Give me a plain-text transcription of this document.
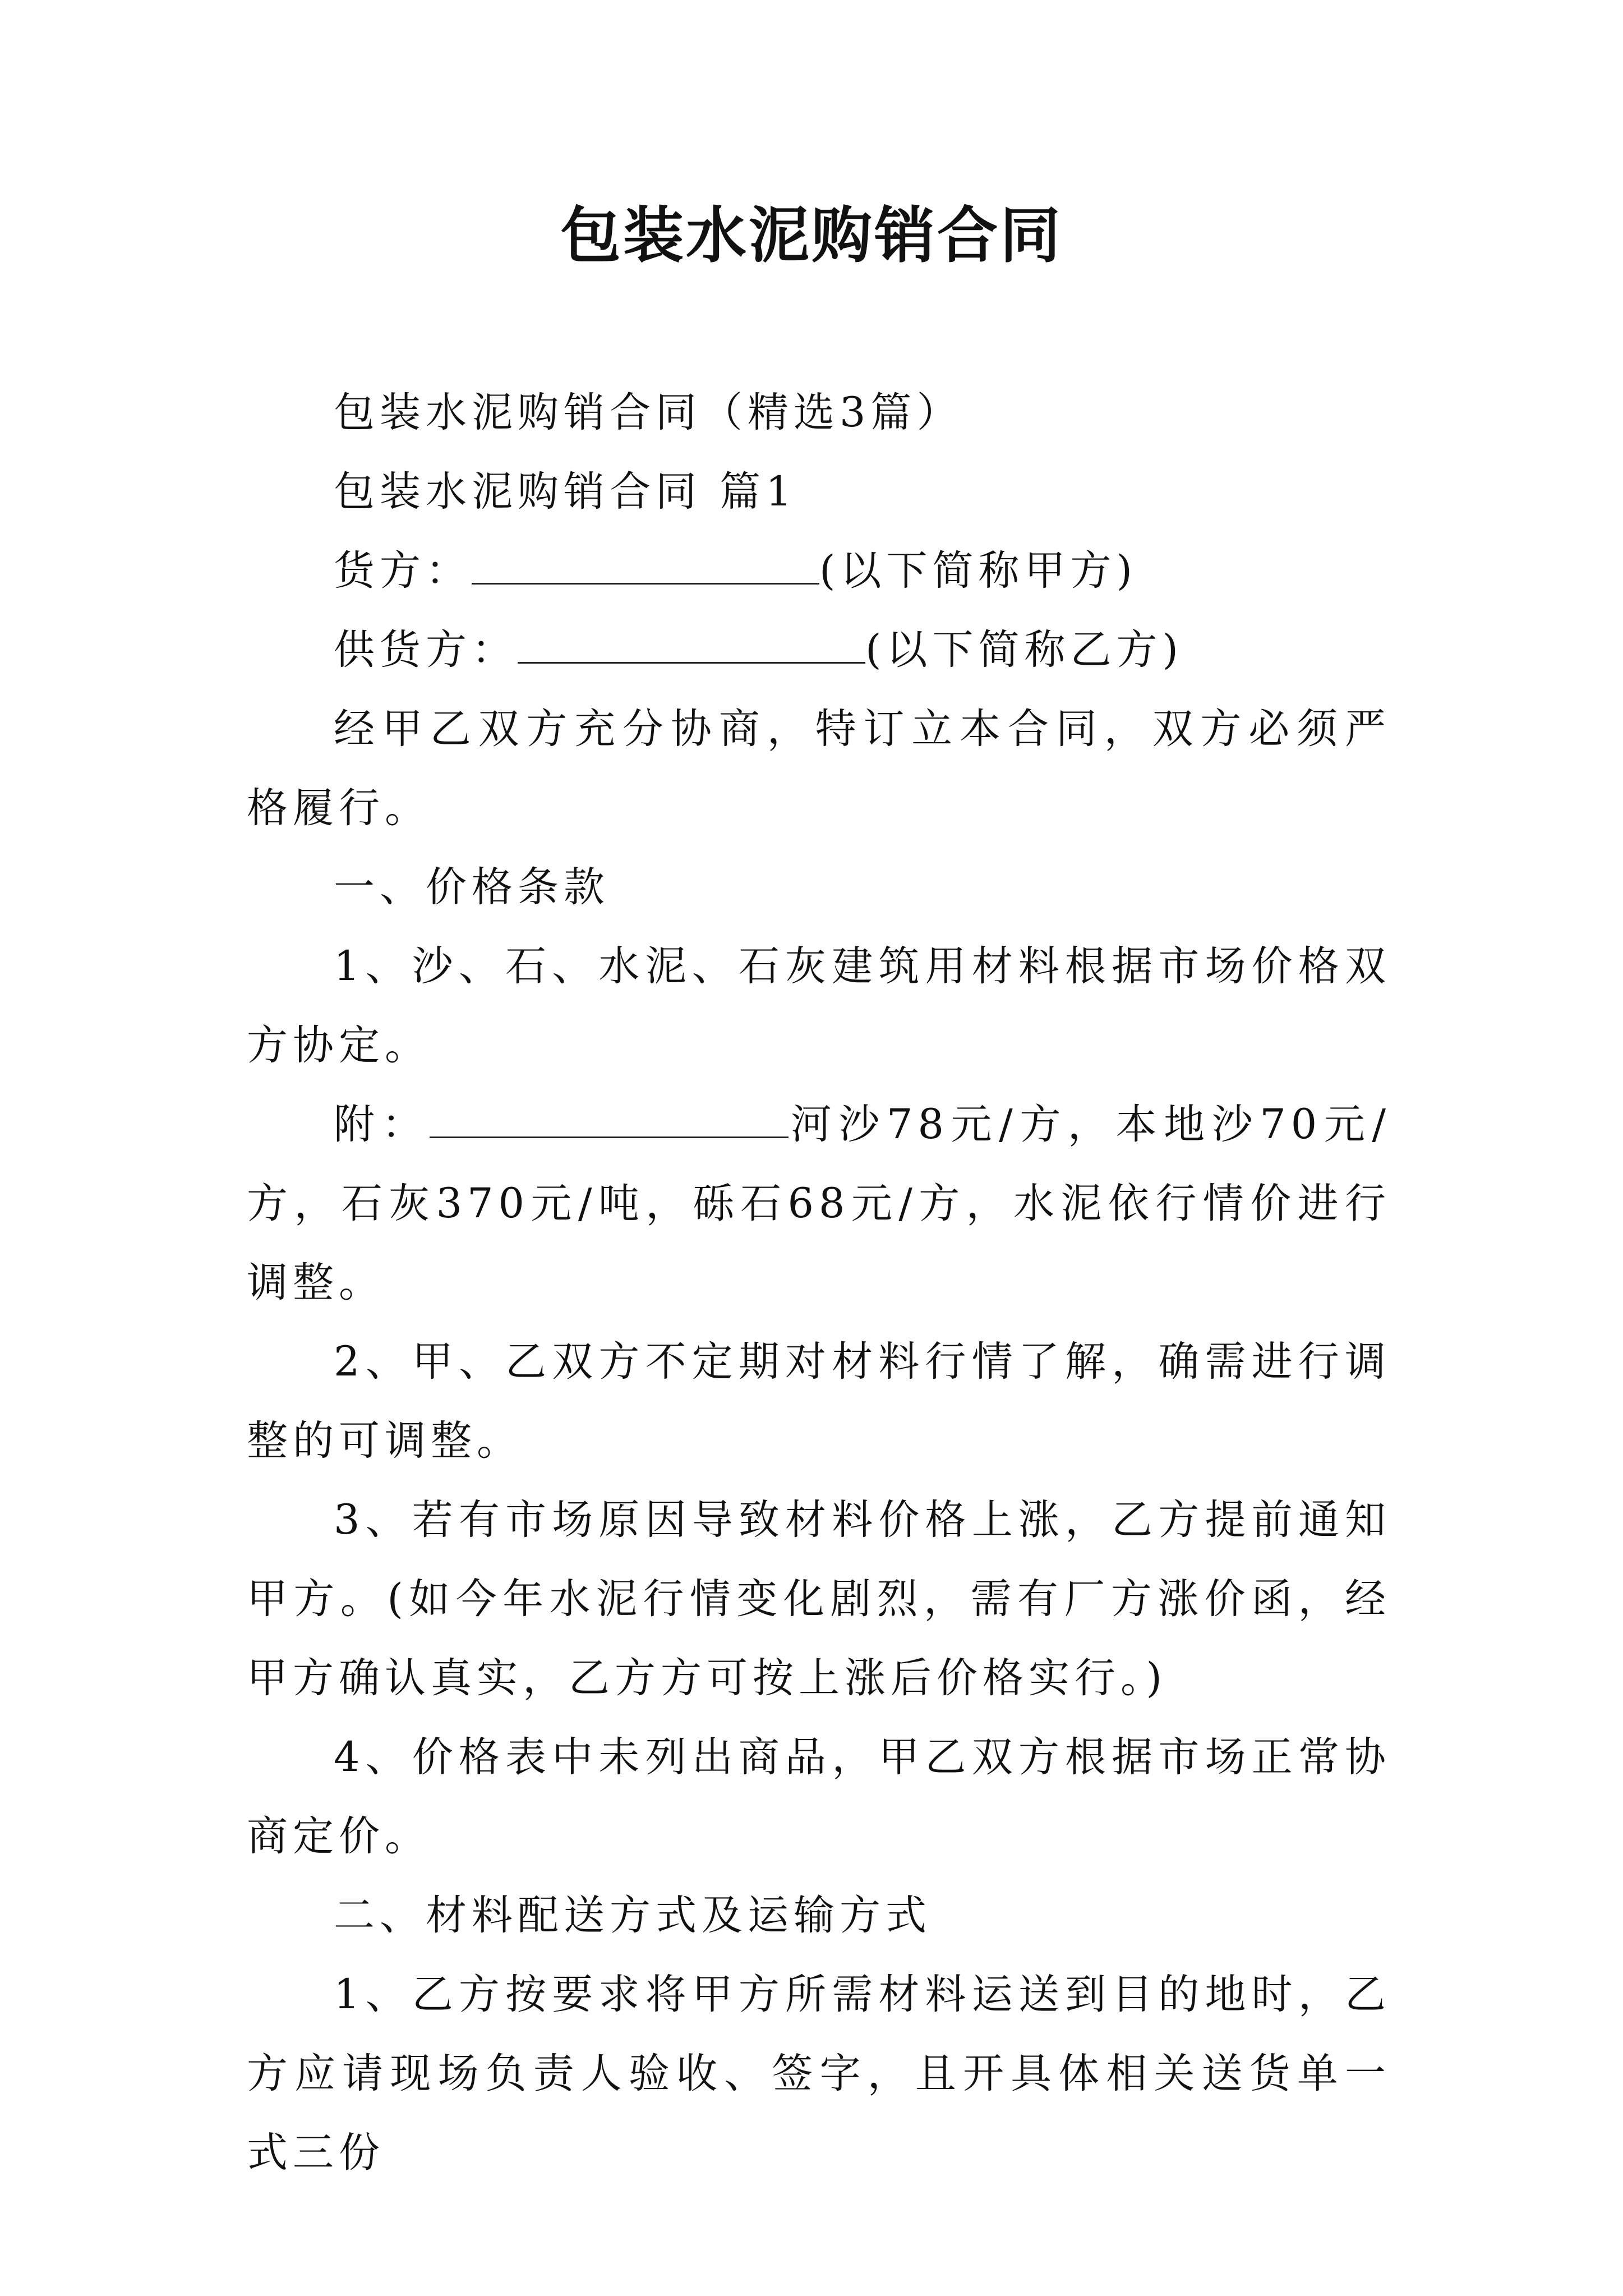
包装水泥购销合同

包装水泥购销合同（精选3篇）

包装水泥购销合同 篇1

货方：	(以下简称甲方)

供货方：	(以下简称乙方)

经甲乙双方充分协商，特订立本合同，双方必须严格履行。

一、价格条款

1、沙、石、水泥、石灰建筑用材料根据市场价格双方协定。

附：	河沙78元/方，本地沙70元/方，石灰370元/吨，砾石68元/方，水泥依行情价进行调整。

2、甲、乙双方不定期对材料行情了解，确需进行调整的可调整。

3、若有市场原因导致材料价格上涨，乙方提前通知甲方。(如今年水泥行情变化剧烈，需有厂方涨价函，经甲方确认真实，乙方方可按上涨后价格实行。)

4、价格表中未列出商品，甲乙双方根据市场正常协商定价。

二、材料配送方式及运输方式

1、乙方按要求将甲方所需材料运送到目的地时，乙方应请现场负责人验收、签字，且开具体相关送货单一式三份
